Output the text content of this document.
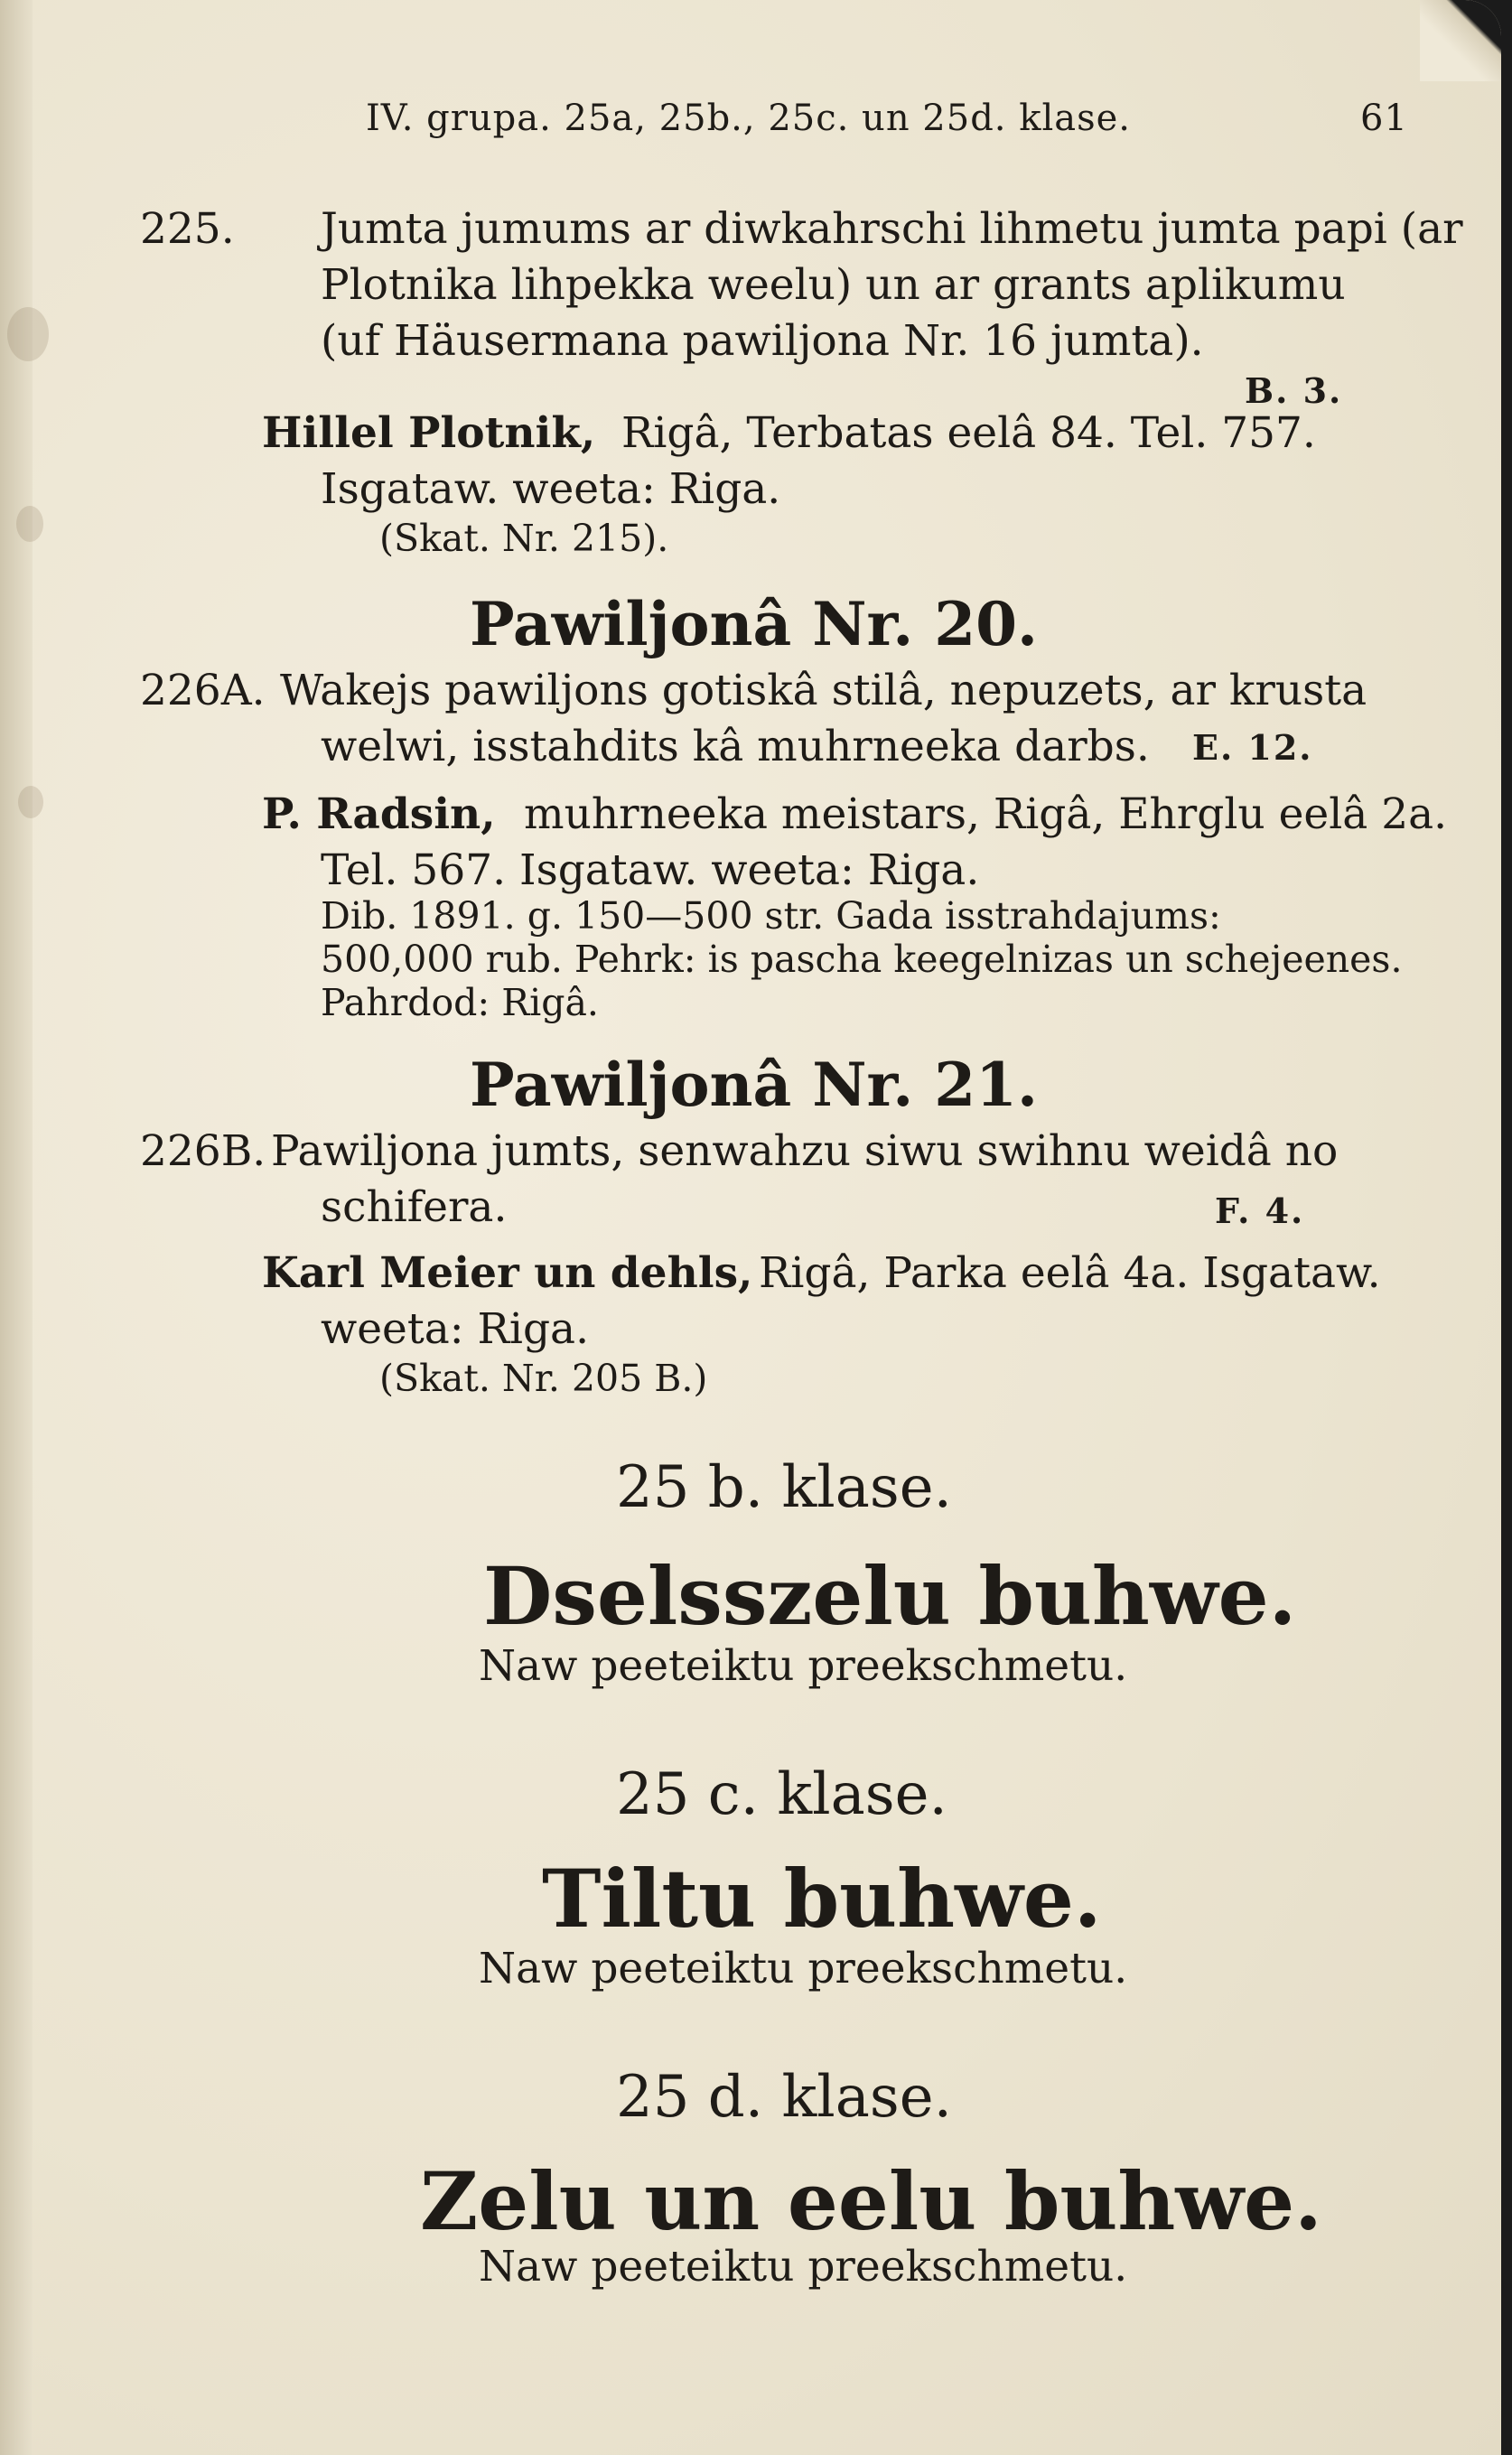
IV. grupa. 25a, 25b., 25c. un 25d. klase.	61
225. Jumta jumums ar diwkahrschi lihmetu jumta papi (ar
Plotnika lihpekka weelu) un ar grants aplikumu
(uf Häusermana pawiljona Nr. 16 jumta).
B. 3.
Hillel Plotnik, Rigâ, Terbatas eelâ 84. Tel. 757.
Isgataw. weeta: Riga.
(Skat. Nr. 215).
Pawiljonâ Nr. 20.
226A. Wakejs pawiljons gotiskâ stilâ, nepuzets, ar krusta
welwi, isstahdits kâ muhrneeka darbs. E. 12.
P. Radsin, muhrneeka meistars, Rigâ, Ehrglu eelâ 2a.
Tel. 567. Isgataw. weeta: Riga.
Dib. 1891. g. 150—500 str. Gada isstrahdajums:
500,000 rub. Pehrk: is pascha keegelnizas un schejeenes.
Pahrdod: Rigâ.
Pawiljonâ Nr. 21.
226B. Pawiljona jumts, senwahzu siwu swihnu weidâ no
schifera.	F. 4.
Karl Meier un dehls, Rigâ, Parka eelâ 4a. Isgataw.
weeta: Riga.
(Skat. Nr. 205 B.)
25 b. klase.
Dselsszelu buhwe.
Naw peeteiktu preekschmetu.
25 c. klase.
Tiltu buhwe.
Naw peeteiktu preekschmetu.
25 d. klase.
Zelu un eelu buhwe.
Naw peeteiktu preekschmetu.
